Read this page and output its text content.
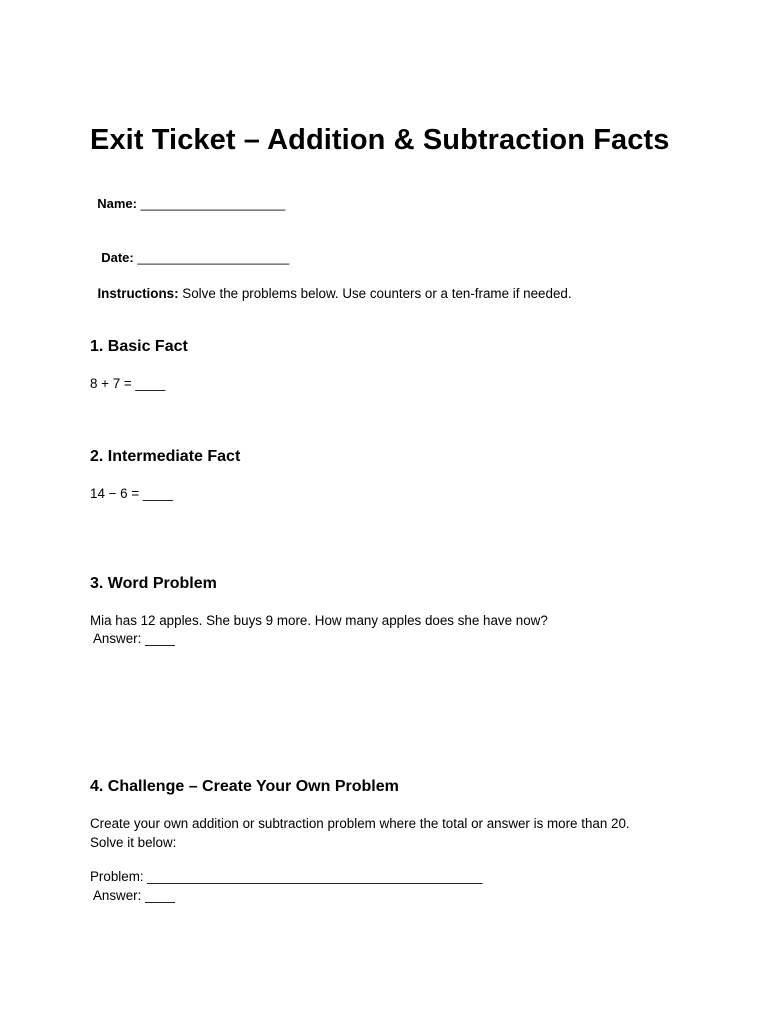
Exit Ticket – Addition & Subtraction Facts

Name: ____________________

Date: _____________________

Instructions: Solve the problems below. Use counters or a ten-frame if needed.

1. Basic Fact
8 + 7 = ____
2. Intermediate Fact
14 − 6 = ____
3. Word Problem
Mia has 12 apples. She buys 9 more. How many apples does she have now?
Answer: ____
4. Challenge – Create Your Own Problem
Create your own addition or subtraction problem where the total or answer is more than 20.
Solve it below:
Problem: _____________________________________________
Answer: ____
